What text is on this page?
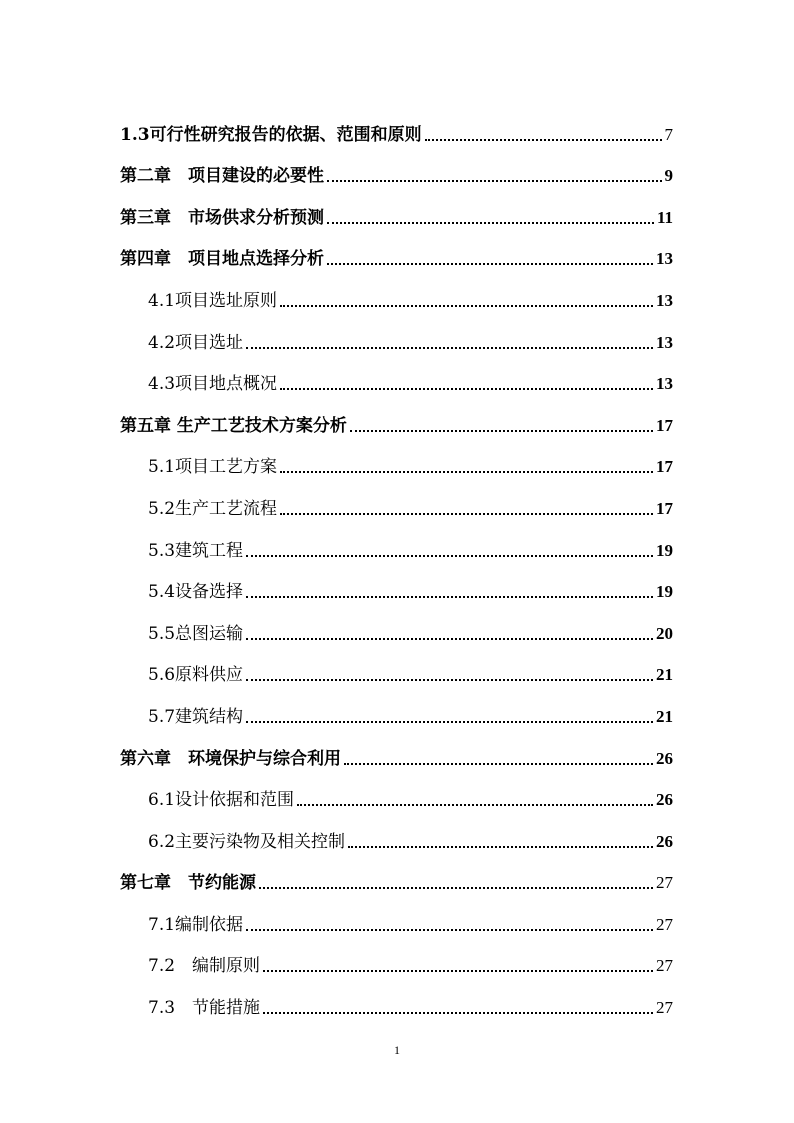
1.3可行性研究报告的依据、范围和原则	7
第二章　项目建设的必要性	9
第三章　市场供求分析预测	11
第四章　项目地点选择分析	13
4.1项目选址原则	13
4.2项目选址	13
4.3项目地点概况	13
第五章 生产工艺技术方案分析	17
5.1项目工艺方案	17
5.2生产工艺流程	17
5.3建筑工程	19
5.4设备选择	19
5.5总图运输	20
5.6原料供应	21
5.7建筑结构	21
第六章　环境保护与综合利用	26
6.1设计依据和范围	26
6.2主要污染物及相关控制	26
第七章　节约能源	27
7.1编制依据	27
7.2　编制原则	27
7.3　节能措施	27
1
